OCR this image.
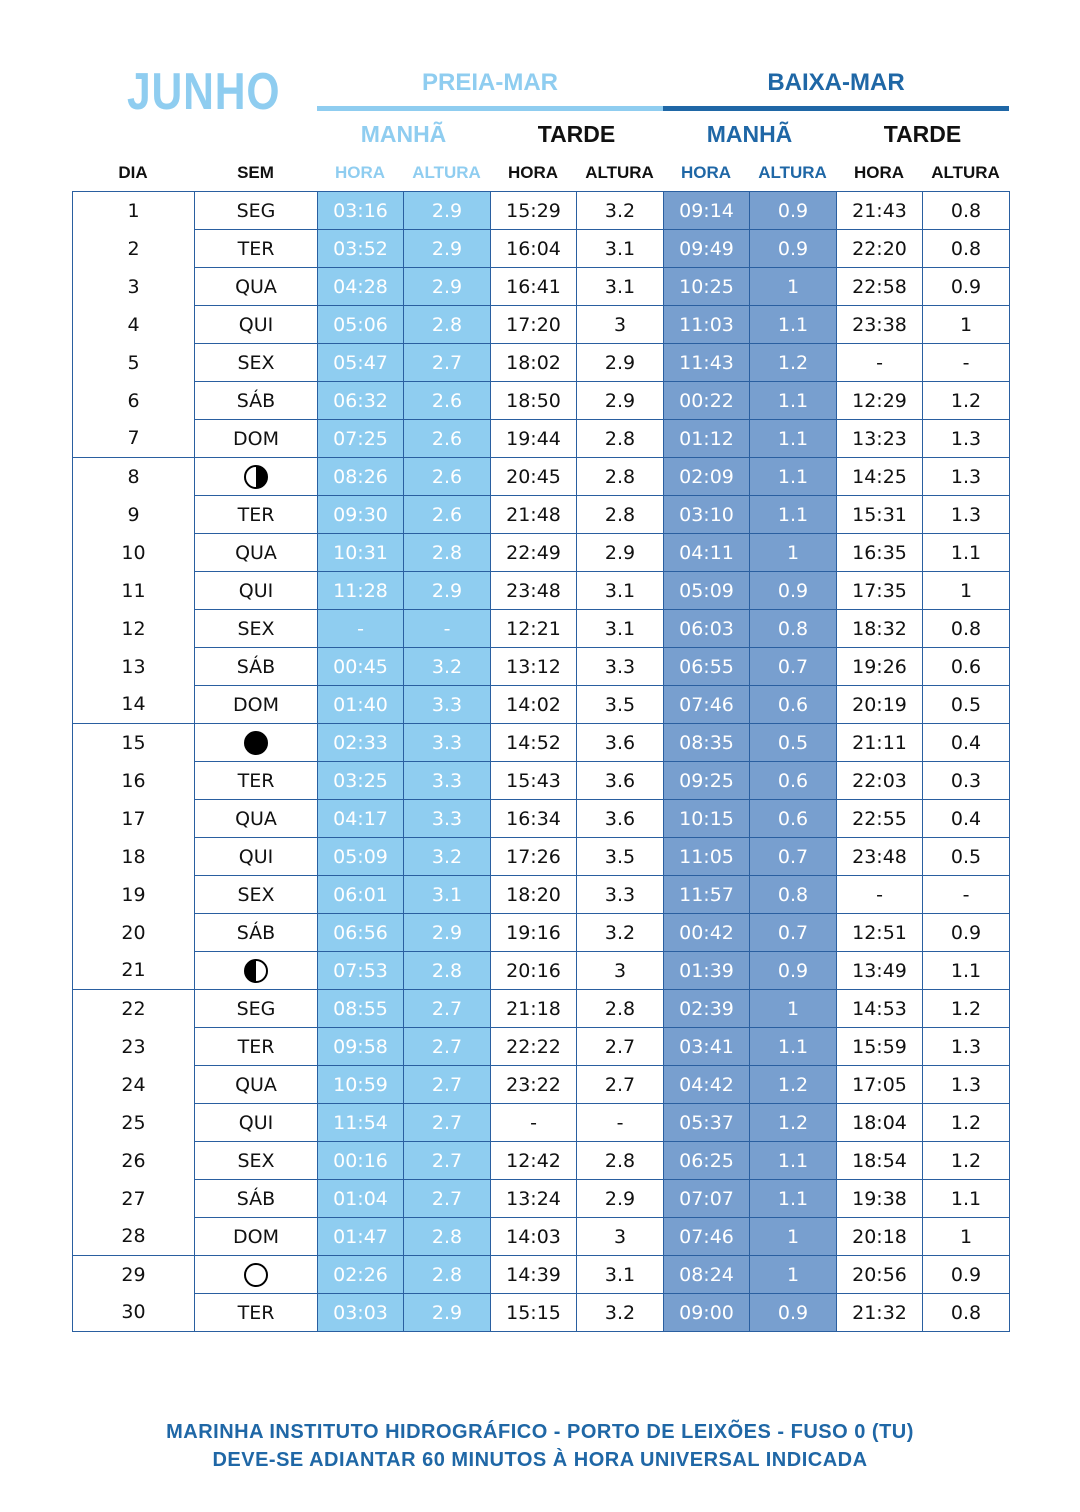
JUNHO	PREIA-MAR	BAIXA-MAR
MANHÃ	TARDE	MANHÃ	TARDE
DIA	SEM	HORA	ALTURA	HORA	ALTURA	HORA	ALTURA	HORA	ALTURA
1	SEG	03:16	2.9	15:29	3.2	09:14	0.9	21:43	0.8
2	TER	03:52	2.9	16:04	3.1	09:49	0.9	22:20	0.8
3	QUA	04:28	2.9	16:41	3.1	10:25	1	22:58	0.9
4	QUI	05:06	2.8	17:20	3	11:03	1.1	23:38	1
5	SEX	05:47	2.7	18:02	2.9	11:43	1.2	-	-
6	SÁB	06:32	2.6	18:50	2.9	00:22	1.1	12:29	1.2
7	DOM	07:25	2.6	19:44	2.8	01:12	1.1	13:23	1.3
8		08:26	2.6	20:45	2.8	02:09	1.1	14:25	1.3
9	TER	09:30	2.6	21:48	2.8	03:10	1.1	15:31	1.3
10	QUA	10:31	2.8	22:49	2.9	04:11	1	16:35	1.1
11	QUI	11:28	2.9	23:48	3.1	05:09	0.9	17:35	1
12	SEX	-	-	12:21	3.1	06:03	0.8	18:32	0.8
13	SÁB	00:45	3.2	13:12	3.3	06:55	0.7	19:26	0.6
14	DOM	01:40	3.3	14:02	3.5	07:46	0.6	20:19	0.5
15		02:33	3.3	14:52	3.6	08:35	0.5	21:11	0.4
16	TER	03:25	3.3	15:43	3.6	09:25	0.6	22:03	0.3
17	QUA	04:17	3.3	16:34	3.6	10:15	0.6	22:55	0.4
18	QUI	05:09	3.2	17:26	3.5	11:05	0.7	23:48	0.5
19	SEX	06:01	3.1	18:20	3.3	11:57	0.8	-	-
20	SÁB	06:56	2.9	19:16	3.2	00:42	0.7	12:51	0.9
21		07:53	2.8	20:16	3	01:39	0.9	13:49	1.1
22	SEG	08:55	2.7	21:18	2.8	02:39	1	14:53	1.2
23	TER	09:58	2.7	22:22	2.7	03:41	1.1	15:59	1.3
24	QUA	10:59	2.7	23:22	2.7	04:42	1.2	17:05	1.3
25	QUI	11:54	2.7	-	-	05:37	1.2	18:04	1.2
26	SEX	00:16	2.7	12:42	2.8	06:25	1.1	18:54	1.2
27	SÁB	01:04	2.7	13:24	2.9	07:07	1.1	19:38	1.1
28	DOM	01:47	2.8	14:03	3	07:46	1	20:18	1
29		02:26	2.8	14:39	3.1	08:24	1	20:56	0.9
30	TER	03:03	2.9	15:15	3.2	09:00	0.9	21:32	0.8
MARINHA INSTITUTO HIDROGRÁFICO - PORTO DE LEIXÕES - FUSO 0 (TU)
DEVE-SE ADIANTAR 60 MINUTOS À HORA UNIVERSAL INDICADA
